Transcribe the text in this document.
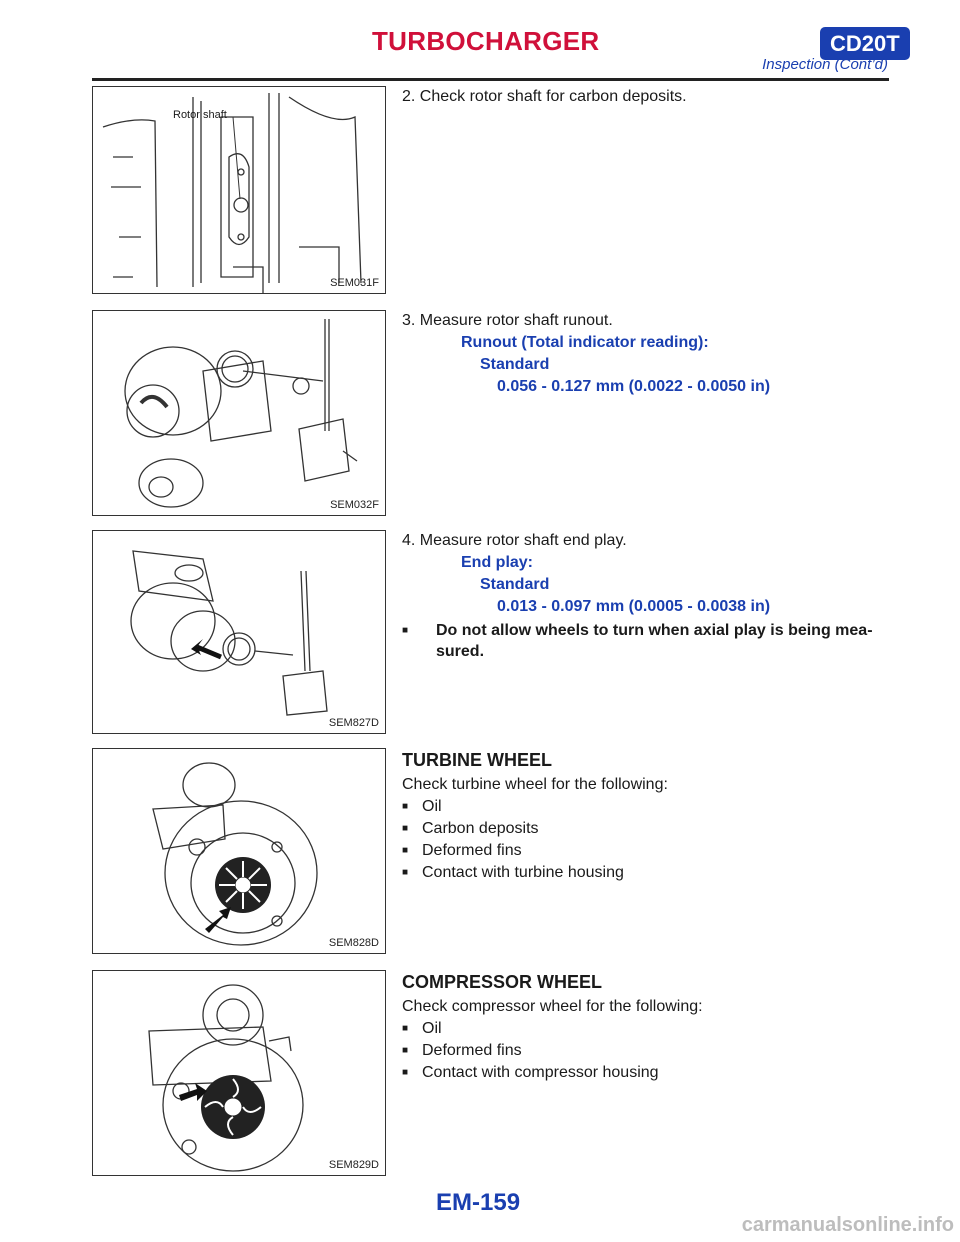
TURBOCHARGER	CD20T
Inspection (Cont’d)
Rotor shaft
SEM031F
SEM032F
SEM827D
SEM828D
SEM829D
2. Check rotor shaft for carbon deposits.
3. Measure rotor shaft runout.
Runout (Total indicator reading):
Standard
0.056 - 0.127 mm (0.0022 - 0.0050 in)
4. Measure rotor shaft end play.
End play:
Standard
0.013 - 0.097 mm (0.0005 - 0.0038 in)
■	Do not allow wheels to turn when axial play is being mea-sured.
TURBINE WHEEL
Check turbine wheel for the following:
■ Oil
■ Carbon deposits
■ Deformed fins
■ Contact with turbine housing
COMPRESSOR WHEEL
Check compressor wheel for the following:
■ Oil
■ Deformed fins
■ Contact with compressor housing
EM-159
carmanualsonline.info
